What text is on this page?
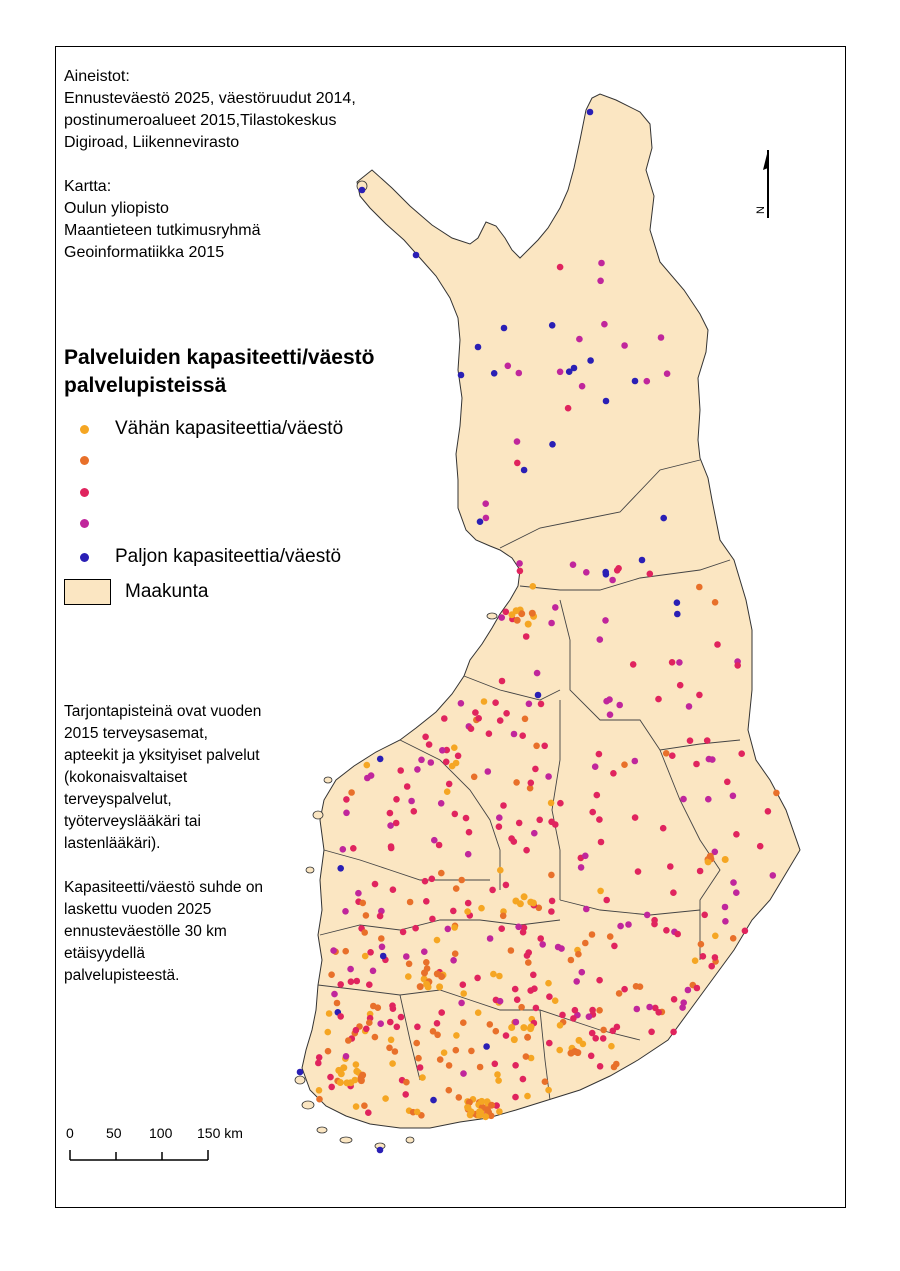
Aineistot:
Ennusteväestö 2025, väestöruudut 2014,
postinumeroalueet 2015,Tilastokeskus
Digiroad, Liikennevirasto
Kartta:
Oulun yliopisto
Maantieteen tutkimusryhmä
Geoinformatiikka 2015
Palveluiden kapasiteetti/väestö
palvelupisteissä
Vähän kapasiteettia/väestö
Paljon kapasiteettia/väestö
Maakunta

Tarjontapisteinä ovat vuoden 2015 terveysasemat, apteekit ja yksityiset palvelut (kokonaisvaltaiset terveyspalvelut, työterveyslääkäri tai lastenlääkäri).

Kapasiteetti/väestö suhde on laskettu vuoden 2025 ennusteväestölle 30 km etäisyydellä palvelupisteestä.

0 50 100 150 km
N
